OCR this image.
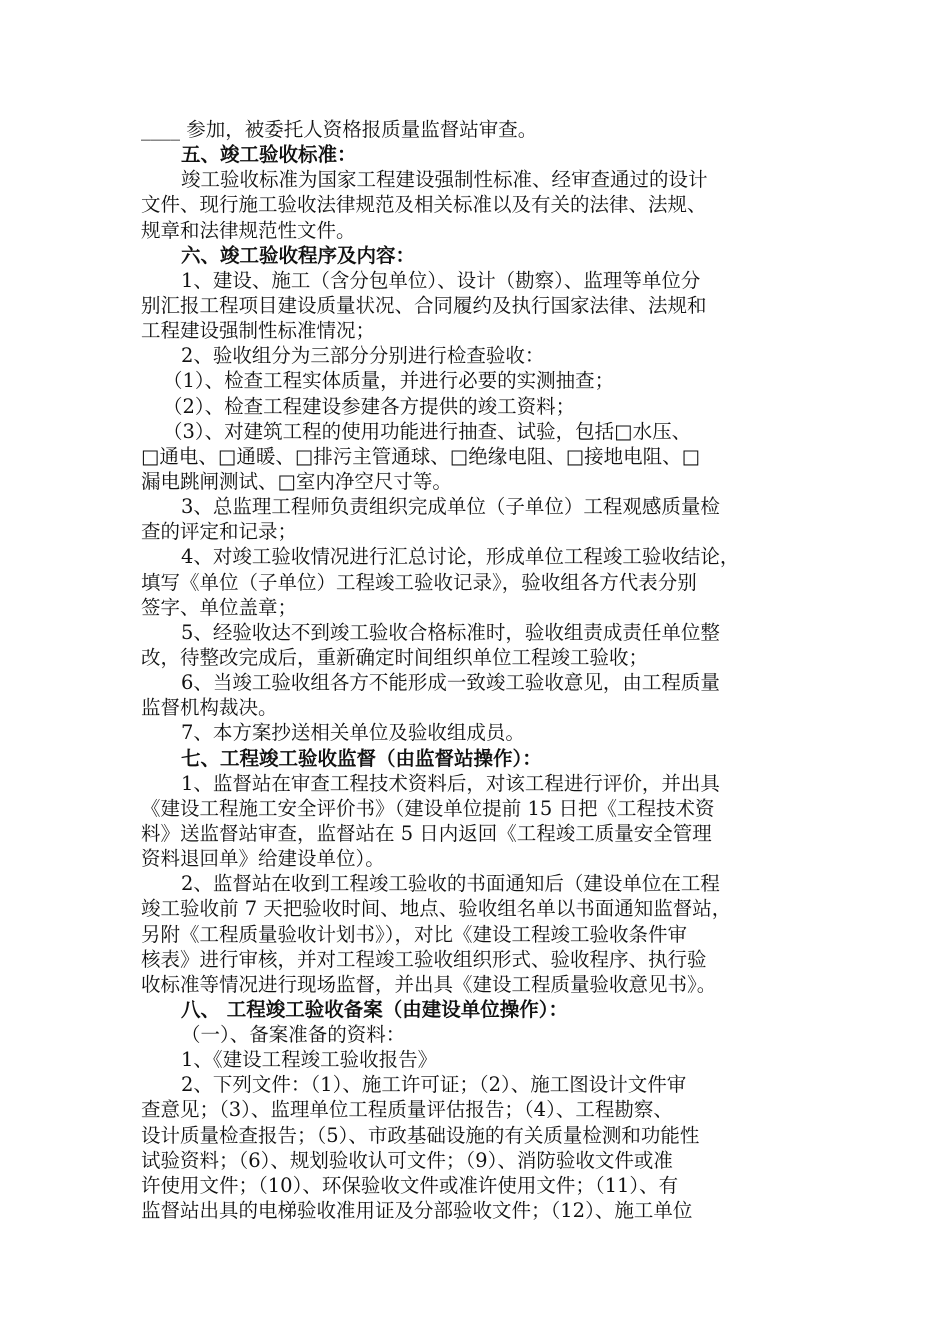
____ 参加，被委托人资格报质量监督站审查。
五、竣工验收标准：
竣工验收标准为国家工程建设强制性标准、经审查通过的设计
文件、现行施工验收法律规范及相关标准以及有关的法律、法规、
规章和法律规范性文件。
六、竣工验收程序及内容：
1、建设、施工（含分包单位）、设计（勘察）、监理等单位分
别汇报工程项目建设质量状况、合同履约及执行国家法律、法规和
工程建设强制性标准情况；
2、验收组分为三部分分别进行检查验收：
（1）、检查工程实体质量，并进行必要的实测抽查；
（2）、检查工程建设参建各方提供的竣工资料；
（3）、对建筑工程的使用功能进行抽查、试验，包括□水压、
□通电、□通暖、□排污主管通球、□绝缘电阻、□接地电阻、□
漏电跳闸测试、□室内净空尺寸等。
3、总监理工程师负责组织完成单位（子单位）工程观感质量检
查的评定和记录；
4、对竣工验收情况进行汇总讨论，形成单位工程竣工验收结论，
填写《单位（子单位）工程竣工验收记录》，验收组各方代表分别
签字、单位盖章；
5、经验收达不到竣工验收合格标准时，验收组责成责任单位整
改，待整改完成后，重新确定时间组织单位工程竣工验收；
6、当竣工验收组各方不能形成一致竣工验收意见，由工程质量
监督机构裁决。
7、本方案抄送相关单位及验收组成员。
七、工程竣工验收监督（由监督站操作）：
1、监督站在审查工程技术资料后，对该工程进行评价，并出具
《建设工程施工安全评价书》（建设单位提前 15 日把《工程技术资
料》送监督站审查，监督站在 5 日内返回《工程竣工质量安全管理
资料退回单》给建设单位）。
2、监督站在收到工程竣工验收的书面通知后（建设单位在工程
竣工验收前 7 天把验收时间、地点、验收组名单以书面通知监督站，
另附《工程质量验收计划书》），对比《建设工程竣工验收条件审
核表》进行审核，并对工程竣工验收组织形式、验收程序、执行验
收标准等情况进行现场监督，并出具《建设工程质量验收意见书》。
八、 工程竣工验收备案（由建设单位操作）：
（一）、备案准备的资料：
1、《建设工程竣工验收报告》
2、下列文件：（1）、施工许可证；（2）、施工图设计文件审
查意见；（3）、监理单位工程质量评估报告；（4）、工程勘察、
设计质量检查报告；（5）、市政基础设施的有关质量检测和功能性
试验资料；（6）、规划验收认可文件；（9）、消防验收文件或准
许使用文件；（10）、环保验收文件或准许使用文件；（11）、有
监督站出具的电梯验收准用证及分部验收文件；（12）、施工单位
